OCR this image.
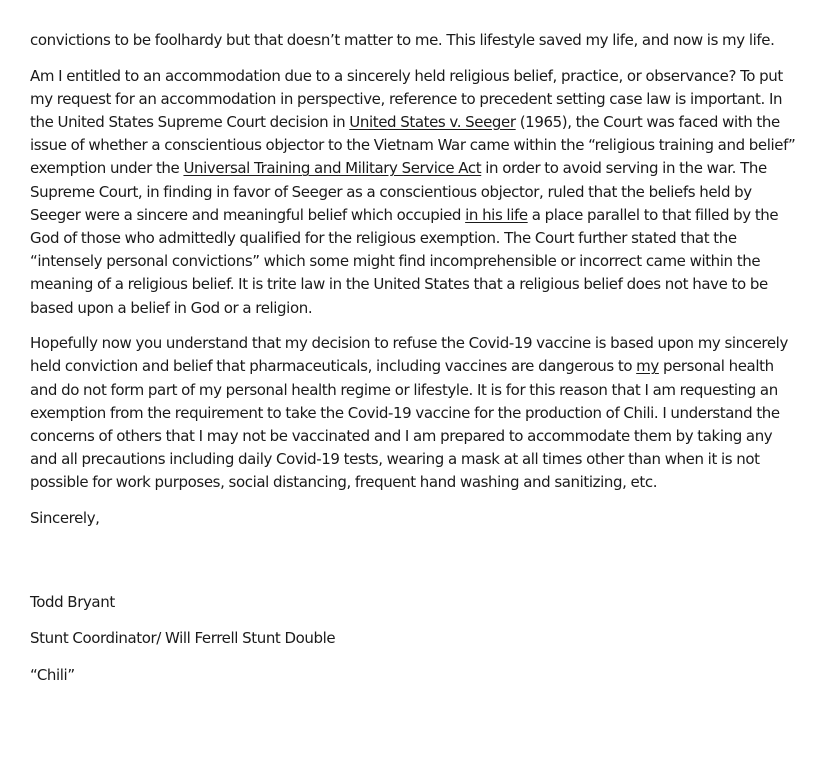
convictions to be foolhardy but that doesn’t matter to me. This lifestyle saved my life, and now is my life.

Am I entitled to an accommodation due to a sincerely held religious belief, practice, or observance? To put my request for an accommodation in perspective, reference to precedent setting case law is important. In the United States Supreme Court decision in United States v. Seeger (1965), the Court was faced with the issue of whether a conscientious objector to the Vietnam War came within the “religious training and belief” exemption under the Universal Training and Military Service Act in order to avoid serving in the war. The Supreme Court, in finding in favor of Seeger as a conscientious objector, ruled that the beliefs held by Seeger were a sincere and meaningful belief which occupied in his life a place parallel to that filled by the God of those who admittedly qualified for the religious exemption. The Court further stated that the “intensely personal convictions” which some might find incomprehensible or incorrect came within the meaning of a religious belief. It is trite law in the United States that a religious belief does not have to be based upon a belief in God or a religion.

Hopefully now you understand that my decision to refuse the Covid-19 vaccine is based upon my sincerely held conviction and belief that pharmaceuticals, including vaccines are dangerous to my personal health and do not form part of my personal health regime or lifestyle. It is for this reason that I am requesting an exemption from the requirement to take the Covid-19 vaccine for the production of Chili. I understand the concerns of others that I may not be vaccinated and I am prepared to accommodate them by taking any and all precautions including daily Covid-19 tests, wearing a mask at all times other than when it is not possible for work purposes, social distancing, frequent hand washing and sanitizing, etc.

Sincerely,

Todd Bryant

Stunt Coordinator/ Will Ferrell Stunt Double

“Chili”
